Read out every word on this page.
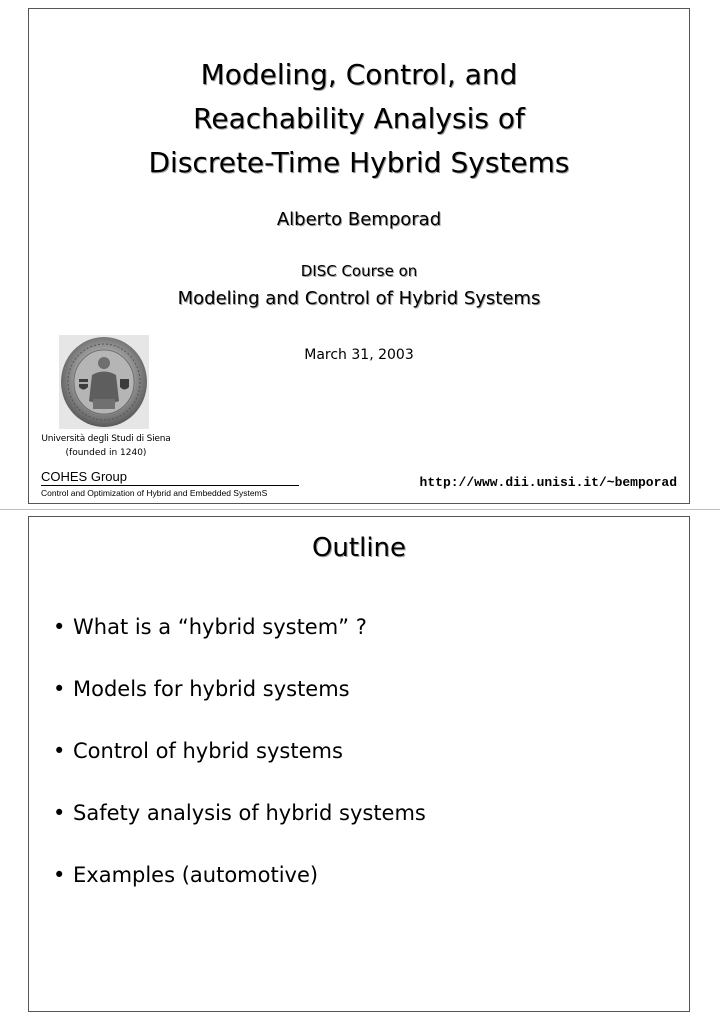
Modeling, Control, and
Reachability Analysis of
Discrete-Time Hybrid Systems
Alberto Bemporad
DISC Course on
Modeling and Control of Hybrid Systems
March 31, 2003
Università degli Studi di Siena
(founded in 1240)
COHES Group
Control and Optimization of Hybrid and Embedded SystemS
http://www.dii.unisi.it/~bemporad
Outline
• What is a “hybrid system” ?
• Models for hybrid systems
• Control of hybrid systems
• Safety analysis of hybrid systems
• Examples (automotive)
